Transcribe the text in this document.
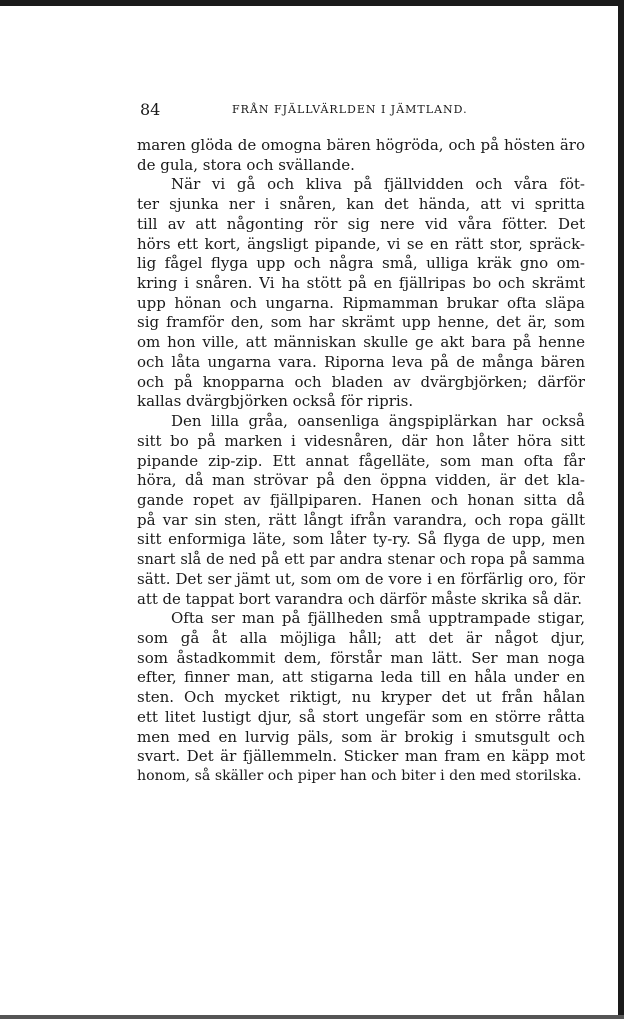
84	FRÅN FJÄLLVÄRLDEN I JÄMTLAND.
maren glöda de omogna bären högröda, och på hösten äro
de gula, stora och svällande.
När vi gå och kliva på fjällvidden och våra föt-
ter sjunka ner i snåren, kan det hända, att vi spritta
till av att någonting rör sig nere vid våra fötter. Det
hörs ett kort, ängsligt pipande, vi se en rätt stor, spräck-
lig fågel flyga upp och några små, ulliga kräk gno om-
kring i snåren. Vi ha stött på en fjällripas bo och skrämt
upp hönan och ungarna. Ripmamman brukar ofta släpa
sig framför den, som har skrämt upp henne, det är, som
om hon ville, att människan skulle ge akt bara på henne
och låta ungarna vara. Riporna leva på de många bären
och på knopparna och bladen av dvärgbjörken; därför
kallas dvärgbjörken också för ripris.
Den lilla gråa, oansenliga ängspiplärkan har också
sitt bo på marken i videsnåren, där hon låter höra sitt
pipande zip-zip. Ett annat fågelläte, som man ofta får
höra, då man strövar på den öppna vidden, är det kla-
gande ropet av fjällpiparen. Hanen och honan sitta då
på var sin sten, rätt långt ifrån varandra, och ropa gällt
sitt enformiga läte, som låter ty-ry. Så flyga de upp, men
snart slå de ned på ett par andra stenar och ropa på samma
sätt. Det ser jämt ut, som om de vore i en förfärlig oro, för
att de tappat bort varandra och därför måste skrika så där.
Ofta ser man på fjällheden små upptrampade stigar,
som gå åt alla möjliga håll; att det är något djur,
som åstadkommit dem, förstår man lätt. Ser man noga
efter, finner man, att stigarna leda till en håla under en
sten. Och mycket riktigt, nu kryper det ut från hålan
ett litet lustigt djur, så stort ungefär som en större råtta
men med en lurvig päls, som är brokig i smutsgult och
svart. Det är fjällemmeln. Sticker man fram en käpp mot
honom, så skäller och piper han och biter i den med storilska.
